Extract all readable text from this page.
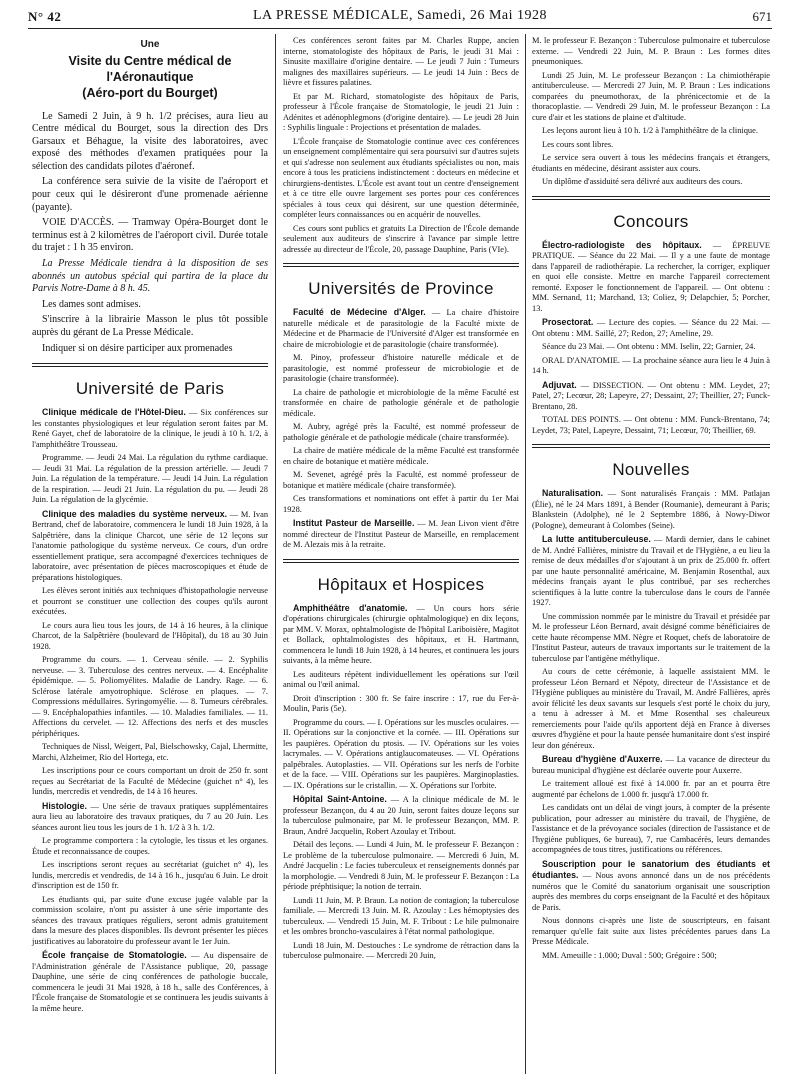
N° 42	LA PRESSE MÉDICALE, Samedi, 26 Mai 1928	671
Une
Visite du Centre médical de l'Aéronautique
(Aéro-port du Bourget)

Le Samedi 2 Juin, à 9 h. 1/2 précises, aura lieu au Centre médical du Bourget, sous la direction des Drs Garsaux et Béhague, la visite des laboratoires, avec exposé des méthodes d'examen pratiquées pour la sélection des candidats pilotes d'aéronef.

La conférence sera suivie de la visite de l'aéroport et pour ceux qui le désireront d'une promenade aérienne (payante).

VOIE D'ACCÈS. — Tramway Opéra-Bourget dont le terminus est à 2 kilomètres de l'aéroport civil. Durée totale du trajet : 1 h 35 environ.

La Presse Médicale tiendra à la disposition de ses abonnés un autobus spécial qui partira de la place du Parvis Notre-Dame à 8 h. 45.

Les dames sont admises.

S'inscrire à la librairie Masson le plus tôt possible auprès du gérant de La Presse Médicale.

Indiquer si on désire participer aux promenades

Université de Paris

Clinique médicale de l'Hôtel-Dieu. — Six conférences sur les constantes physiologiques et leur régulation seront faites par M. René Gayet, chef de laboratoire de la clinique, le jeudi à 10 h. 1/2, à l'amphithéâtre Trousseau.

Programme. — Jeudi 24 Mai. La régulation du rythme cardiaque. — Jeudi 31 Mai. La régulation de la pression artérielle. — Jeudi 7 Juin. La régulation de la température. — Jeudi 14 Juin. La régulation de la respiration. — Jeudi 21 Juin. La régulation du pu. — Jeudi 28 Juin. La régulation de la glycémie.

Clinique des maladies du système nerveux. — M. Ivan Bertrand, chef de laboratoire, commencera le lundi 18 Juin 1928, à la Salpêtrière, dans la clinique Charcot, une série de 12 leçons sur l'anatomie pathologique du système nerveux. Ce cours, d'un ordre essentiellement pratique, sera accompagné d'exercices techniques de laboratoire, avec présentation de pièces macroscopiques et étude de préparations histologiques.

Les élèves seront initiés aux techniques d'histopathologie nerveuse et pourront se constituer une collection des coupes qu'ils auront exécutées.

Le cours aura lieu tous les jours, de 14 à 16 heures, à la clinique Charcot, de la Salpêtrière (boulevard de l'Hôpital), du 18 au 30 Juin 1928.

Programme du cours. — 1. Cerveau sénile. — 2. Syphilis nerveuse. — 3. Tuberculose des centres nerveux. — 4. Encéphalite épidémique. — 5. Poliomyélites. Maladie de Landry. Rage. — 6. Sclérose latérale amyotrophique. Sclérose en plaques. — 7. Compressions médullaires. Syringomyélie. — 8. Tumeurs cérébrales. — 9. Encéphalopathies infantiles. — 10. Maladies familiales. — 11. Affections du cervelet. — 12. Affections des nerfs et des muscles périphériques.

Techniques de Nissl, Weigert, Pal, Bielschowsky, Cajal, Lhermitte, Marchi, Alzheimer, Rio del Hortega, etc.

Les inscriptions pour ce cours comportant un droit de 250 fr. sont reçues au Secrétariat de la Faculté de Médecine (guichet n° 4), les lundis, mercredis et vendredis, de 14 à 16 heures.

Histologie. — Une série de travaux pratiques supplémentaires aura lieu au laboratoire des travaux pratiques, du 7 au 20 Juin. Les séances auront lieu tous les jours de 1 h. 1/2 à 3 h. 1/2.

Le programme comportera : la cytologie, les tissus et les organes. Étude et reconnaissance de coupes.

Les inscriptions seront reçues au secrétariat (guichet n° 4), les lundis, mercredis et vendredis, de 14 à 16 h., jusqu'au 6 Juin. Le droit d'inscription est de 150 fr.

Les étudiants qui, par suite d'une excuse jugée valable par la commission scolaire, n'ont pu assister à une série importante des séances des travaux pratiques réguliers, seront admis gratuitement dans la mesure des places disponibles. Ils devront présenter les pièces justificatives au laboratoire du professeur avant le 1er Juin.

École française de Stomatologie. — Au dispensaire de l'Administration générale de l'Assistance publique, 20, passage Dauphine, une série de cinq conférences de pathologie buccale, commencera le jeudi 31 Mai 1928, à 18 h., salle des Conférences, à l'École française de Stomatologie et se continuera les jeudis suivants à la même heure.

Ces conférences seront faites par M. Charles Ruppe, ancien interne, stomatologiste des hôpitaux de Paris, le jeudi 31 Mai : Sinusite maxillaire d'origine dentaire. — Le jeudi 7 Juin : Tumeurs malignes des maxillaires supérieurs. — Le jeudi 14 Juin : Becs de lièvre et fissures palatines.

Et par M. Richard, stomatologiste des hôpitaux de Paris, professeur à l'École française de Stomatologie, le jeudi 21 Juin : Adénites et adénophlegmons (d'origine dentaire). — Le jeudi 28 Juin : Syphilis linguale : Projections et présentation de malades.

L'École française de Stomatologie continue avec ces conférences un enseignement complémentaire qui sera poursuivi sur d'autres sujets et qui s'adresse non seulement aux étudiants spécialistes ou non, mais encore à tous les praticiens indistinctement : docteurs en médecine et chirurgiens-dentistes. L'École est avant tout un centre d'enseignement et à ce titre elle ouvre largement ses portes pour ces conférences spéciales à tous ceux qui désirent, sur une question déterminée, compléter leurs connaissances ou en acquérir de nouvelles.

Ces cours sont publics et gratuits La Direction de l'École demande seulement aux auditeurs de s'inscrire à l'avance par simple lettre adressée au directeur de l'École, 20, passage Dauphine, Paris (VIe).

Universités de Province

Faculté de Médecine d'Alger. — La chaire d'histoire naturelle médicale et de parasitologie de la Faculté mixte de Médecine et de Pharmacie de l'Université d'Alger est transformée en chaire de microbiologie et de parasitologie (chaire transformée).

M. Pinoy, professeur d'histoire naturelle médicale et de parasitologie, est nommé professeur de microbiologie et de parasitologie (chaire transformée).

La chaire de pathologie et microbiologie de la même Faculté est transformée en chaire de pathologie générale et de pathologie médicale.

M. Aubry, agrégé près la Faculté, est nommé professeur de pathologie générale et de pathologie médicale (chaire transformée).

La chaire de matière médicale de la même Faculté est transformée en chaire de botanique et matière médicale.

M. Sevenet, agrégé près la Faculté, est nommé professeur de botanique et matière médicale (chaire transformée).

Ces transformations et nominations ont effet à partir du 1er Mai 1928.

Institut Pasteur de Marseille. — M. Jean Livon vient d'être nommé directeur de l'Institut Pasteur de Marseille, en remplacement de M. Alezais mis à la retraite.

Hôpitaux et Hospices

Amphithéâtre d'anatomie. — Un cours hors série d'opérations chirurgicales (chirurgie ophtalmologique) en dix leçons, par MM. V. Morax, ophtalmologiste de l'hôpital Lariboisière, Magitot et Bollack, ophtalmologistes des hôpitaux, et H. Hartmann, commencera le lundi 18 Juin 1928, à 14 heures, et continuera les jours suivants, à la même heure.

Les auditeurs répètent individuellement les opérations sur l'œil animal ou l'œil animal.

Droit d'inscription : 300 fr. Se faire inscrire : 17, rue du Fer-à-Moulin, Paris (5e).

Programme du cours. — I. Opérations sur les muscles oculaires. — II. Opérations sur la conjonctive et la cornée. — III. Opérations sur les paupières. Opération du ptosis. — IV. Opérations sur les voies lacrymales. — V. Opérations antiglaucomateuses. — VI. Opérations palpébrales. Autoplasties. — VII. Opérations sur les nerfs de l'orbite et de la face. — VIII. Opérations sur les paupières. Marginoplasties. — IX. Opérations sur le cristallin. — X. Opérations sur l'orbite.

Hôpital Saint-Antoine. — A la clinique médicale de M. le professeur Bezançon, du 4 au 20 Juin, seront faites douze leçons sur la tuberculose pulmonaire, par M. le professeur Bezançon, MM. P. Braun, André Jacquelin, Robert Azoulay et Tribout.

Détail des leçons. — Lundi 4 Juin, M. le professeur F. Bezançon : Le problème de la tuberculose pulmonaire. — Mercredi 6 Juin, M. André Jacquelin : Le facies tuberculeux et renseignements donnés par la morphologie. — Vendredi 8 Juin, M. le professeur F. Bezançon : La période préphtisique; la notion de terrain.

Lundi 11 Juin, M. P. Braun. La notion de contagion; la tuberculose familiale. — Mercredi 13 Juin. M. R. Azoulay : Les hémoptysies des tuberculeux. — Vendredi 15 Juin, M. F. Tribout : Le hile pulmonaire et les ombres broncho-vasculaires à l'état normal pathologique.

Lundi 18 Juin, M. Destouches : Le syndrome de rétraction dans la tuberculose pulmonaire. — Mercredi 20 Juin,

M. le professeur F. Bezançon : Tuberculose pulmonaire et tuberculose externe. — Vendredi 22 Juin, M. P. Braun : Les formes dites pneumoniques.

Lundi 25 Juin, M. Le professeur Bezançon : La chimiothérapie antituberculeuse. — Mercredi 27 Juin, M. P. Braun : Les indications comparées du pneumothorax, de la phrénicectomie et de la thoracoplastie. — Vendredi 29 Juin, M. le professeur Bezançon : La cure d'air et les stations de plaine et d'altitude.

Les leçons auront lieu à 10 h. 1/2 à l'amphithéâtre de la clinique.

Les cours sont libres.

Le service sera ouvert à tous les médecins français et étrangers, étudiants en médecine, désirant assister aux cours.

Un diplôme d'assiduité sera délivré aux auditeurs des cours.

Concours

Électro-radiologiste des hôpitaux. — ÉPREUVE PRATIQUE. — Séance du 22 Mai. — Il y a une faute de montage dans l'appareil de radiothérapie. La rechercher, la corriger, expliquer en quoi elle consiste. Mettre en marche l'appareil correctement remonté. Exposer le fonctionnement de l'appareil. — Ont obtenu : MM. Sernand, 11; Marchand, 13; Coliez, 9; Delapchier, 5; Porcher, 13.

Prosectorat. — Lecture des copies. — Séance du 22 Mai. — Ont obtenu : MM. Saillé, 27; Redon, 27; Ameline, 29.

Séance du 23 Mai. — Ont obtenu : MM. Iselin, 22; Garnier, 24.

ORAL D'ANATOMIE. — La prochaine séance aura lieu le 4 Juin à 14 h.

Adjuvat. — DISSECTION. — Ont obtenu : MM. Leydet, 27; Patel, 27; Lecœur, 28; Lapeyre, 27; Dessaint, 27; Theillier, 27; Funck-Brentano, 28.

TOTAL DES POINTS. — Ont obtenu : MM. Funck-Brentano, 74; Leydet, 73; Patel, Lapeyre, Dessaint, 71; Lecœur, 70; Theillier, 69.

Nouvelles

Naturalisation. — Sont naturalisés Français : MM. Patlajan (Élie), né le 24 Mars 1891, à Bender (Roumanie), demeurant à Paris; Blankstein (Adolphe), né le 2 Septembre 1886, à Nowy-Diwor (Pologne), demeurant à Colombes (Seine).

La lutte antituberculeuse. — Mardi dernier, dans le cabinet de M. André Fallières, ministre du Travail et de l'Hygiène, a eu lieu la remise de deux médailles d'or s'ajoutant à un prix de 25.000 fr. offert par une haute personnalité américaine, M. Benjamin Rosenthal, aux médecins français ayant le plus contribué, par ses recherches scientifiques à la lutte contre la tuberculose dans le cours de l'année 1927.

Une commission nommée par le ministre du Travail et présidée par M. le professeur Léon Bernard, avait désigné comme bénéficiaires de cette haute récompense MM. Nègre et Roquet, chefs de laboratoire de l'Institut Pasteur, auteurs de travaux importants sur le traitement de la tuberculose par l'antigène méthylique.

Au cours de cette cérémonie, à laquelle assistaient MM. le professeur Léon Bernard et Népoty, directeur de l'Assistance et de l'Hygiène publiques au ministère du Travail, M. André Fallières, après avoir félicité les deux savants sur lesquels s'est porté le choix du jury, a tenu à adresser à M. et Mme Rosenthal ses chaleureux remerciements pour l'aide qu'ils apportent déjà en France à diverses œuvres d'hygiène et pour la haute pensée humanitaire dont s'est inspiré leur don généreux.

Bureau d'hygiène d'Auxerre. — La vacance de directeur du bureau municipal d'hygiène est déclarée ouverte pour Auxerre.

Le traitement alloué est fixé à 14.000 fr. par an et pourra être augmenté par échelons de 1.000 fr. jusqu'à 17.000 fr.

Les candidats ont un délai de vingt jours, à compter de la présente publication, pour adresser au ministère du travail, de l'hygiène, de l'assistance et de la prévoyance sociales (direction de l'assistance et de l'hygiène publiques, 6e bureau), 7, rue Cambacérès, leurs demandes accompagnées de tous titres, justifications ou références.

Souscription pour le sanatorium des étudiants et étudiantes. — Nous avons annoncé dans un de nos précédents numéros que le Comité du sanatorium organisait une souscription auprès des membres du corps enseignant de la Faculté et des hôpitaux de Paris.

Nous donnons ci-après une liste de souscripteurs, en faisant remarquer qu'elle fait suite aux listes précédentes parues dans La Presse Médicale.

MM. Ameuille : 1.000; Duval : 500; Grégoire : 500;
